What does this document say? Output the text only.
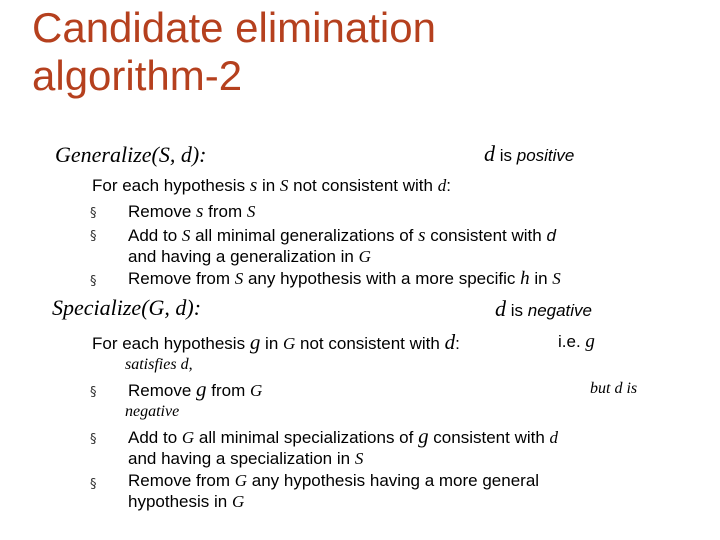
Candidate elimination
algorithm-2
Generalize(S, d):	d is positive
For each hypothesis s in S not consistent with d:
§ Remove s from S
§ Add to S all minimal generalizations of s consistent with d
and having a generalization in G
§ Remove from S any hypothesis with a more specific h in S
Specialize(G, d):	d is negative
For each hypothesis g in G not consistent with d:	i.e. g
satisfies d,
§ Remove g from G	but d is
negative
§ Add to G all minimal specializations of g consistent with d
and having a specialization in S
§ Remove from G any hypothesis having a more general
hypothesis in G
